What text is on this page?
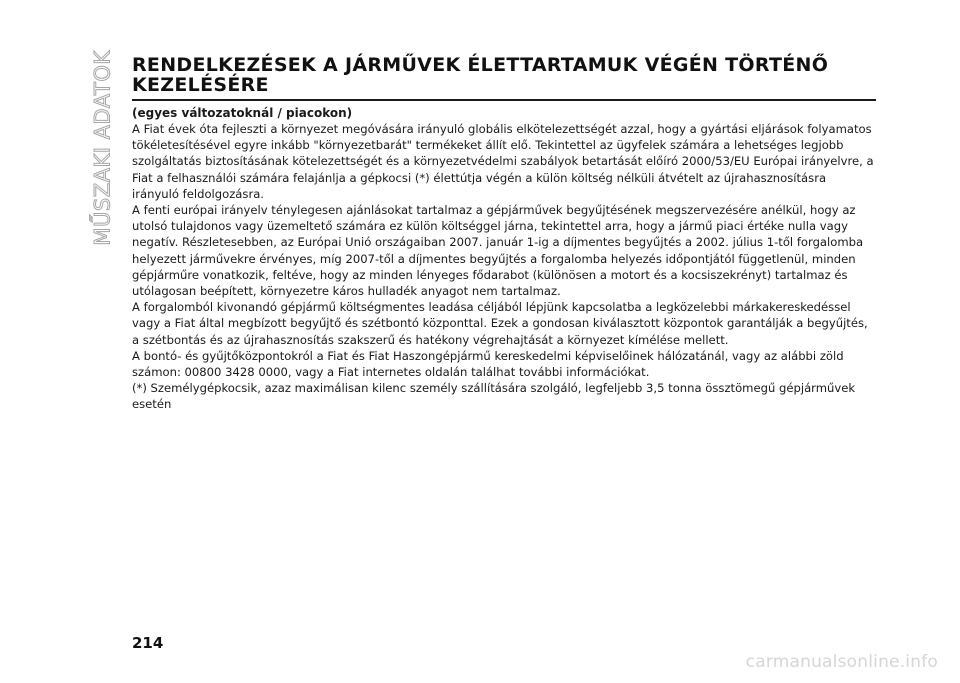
MŰSZAKI ADATOK RENDELKEZÉSEK A JÁRMŰVEK ÉLETTARTAMUK VÉGÉN TÖRTÉNŐ KEZELÉSÉRE
(egyes változatoknál / piacokon)

A Fiat évek óta fejleszti a környezet megóvására irányuló globális elkötelezettségét azzal, hogy a gyártási eljárások folyamatos tökéletesítésével egyre inkább "környezetbarát" termékeket állít elő. Tekintettel az ügyfelek számára a lehetséges legjobb szolgáltatás biztosításának kötelezettségét és a környezetvédelmi szabályok betartását előíró 2000/53/EU Európai irányelvre, a Fiat a felhasználói számára felajánlja a gépkocsi (*) élettútja végén a külön költség nélküli átvételt az újrahasznosításra irányuló feldolgozásra.

A fenti európai irányelv ténylegesen ajánlásokat tartalmaz a gépjárművek begyűjtésének megszervezésére anélkül, hogy az utolsó tulajdonos vagy üzemeltető számára ez külön költséggel járna, tekintettel arra, hogy a jármű piaci értéke nulla vagy negatív. Részletesebben, az Európai Unió országaiban 2007. január 1-ig a díjmentes begyűjtés a 2002. július 1-től forgalomba helyezett járművekre érvényes, míg 2007-től a díjmentes begyűjtés a forgalomba helyezés időpontjától függetlenül, minden gépjárműre vonatkozik, feltéve, hogy az minden lényeges fődarabot (különösen a motort és a kocsiszekrényt) tartalmaz és utólagosan beépített, környezetre káros hulladék anyagot nem tartalmaz.

A forgalomból kivonandó gépjármű költségmentes leadása céljából lépjünk kapcsolatba a legközelebbi márkakereskedéssel vagy a Fiat által megbízott begyűjtő és szétbontó központtal. Ezek a gondosan kiválasztott központok garantálják a begyűjtés, a szétbontás és az újrahasznosítás szakszerű és hatékony végrehajtását a környezet kímélése mellett.

A bontó- és gyűjtőközpontokról a Fiat és Fiat Haszongépjármű kereskedelmi képviselőinek hálózatánál, vagy az alábbi zöld számon: 00800 3428 0000, vagy a Fiat internetes oldalán találhat további információkat.

(*) Személygépkocsik, azaz maximálisan kilenc személy szállítására szolgáló, legfeljebb 3,5 tonna össztömegű gépjárművek esetén

214
carmanualsonline.info
